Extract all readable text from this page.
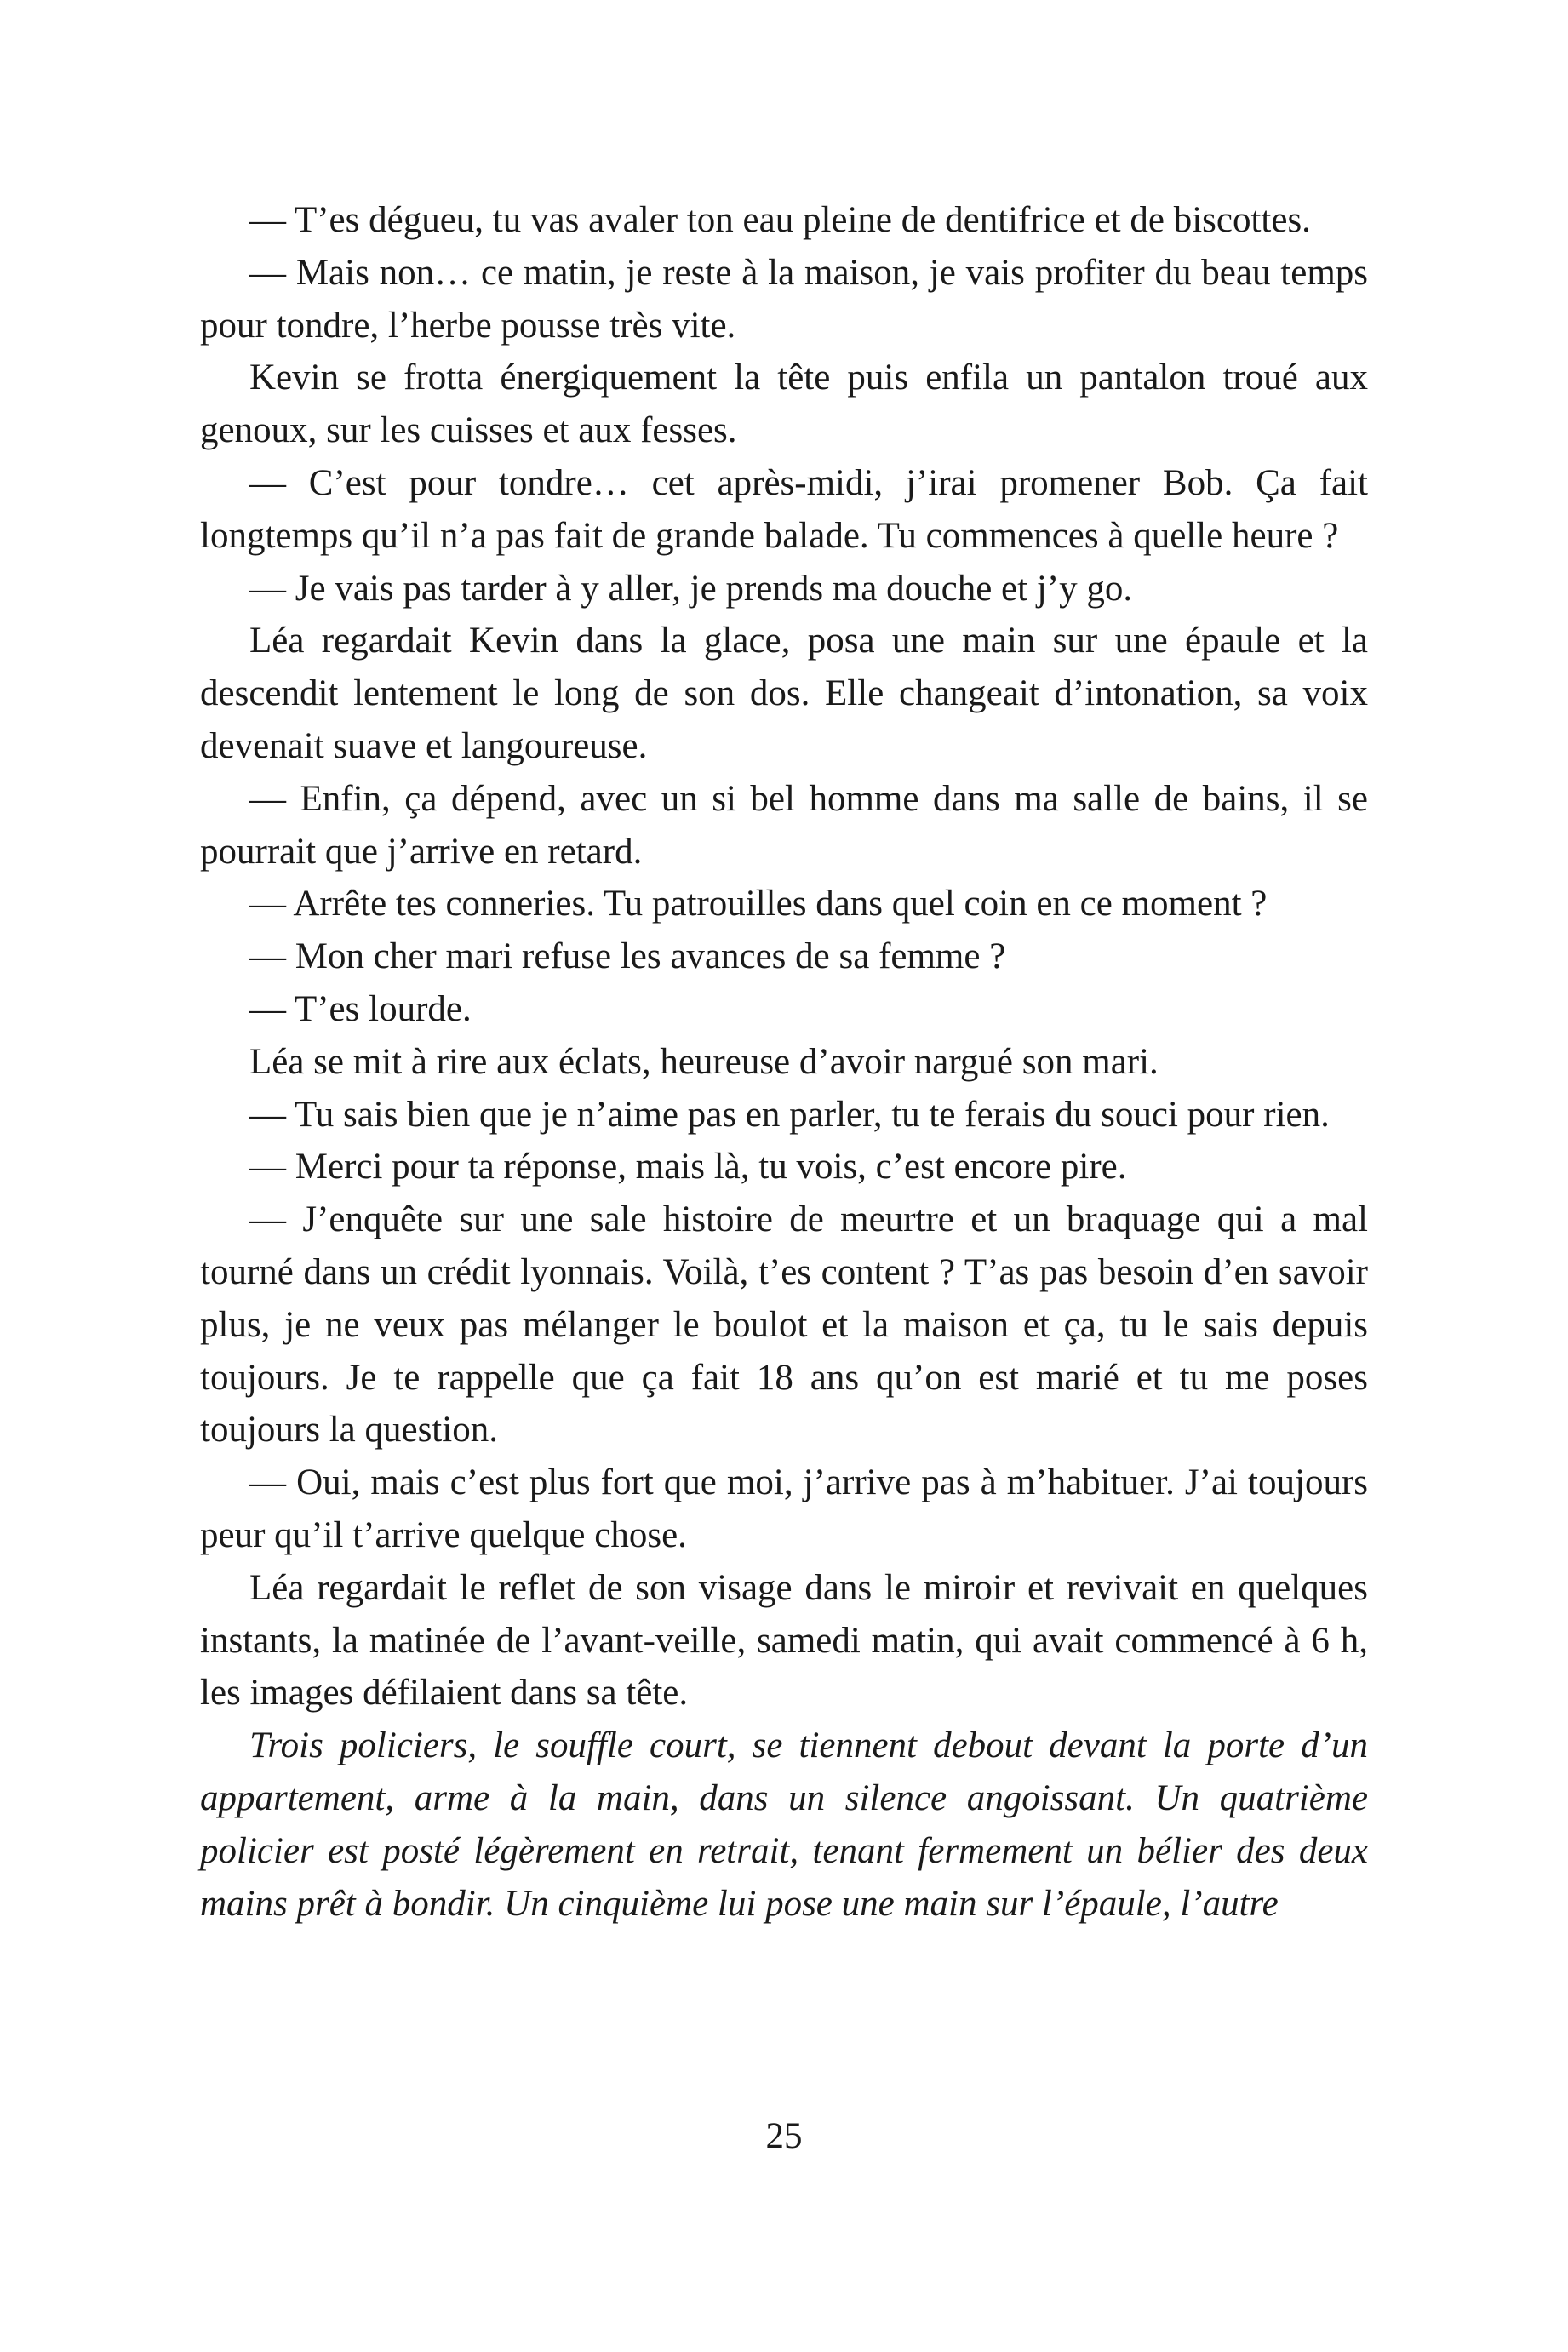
— T’es dégueu, tu vas avaler ton eau pleine de dentifrice et de biscottes.

— Mais non… ce matin, je reste à la maison, je vais profiter du beau temps pour tondre, l’herbe pousse très vite.

Kevin se frotta énergiquement la tête puis enfila un pantalon troué aux genoux, sur les cuisses et aux fesses.

— C’est pour tondre… cet après-midi, j’irai promener Bob. Ça fait longtemps qu’il n’a pas fait de grande balade. Tu commences à quelle heure ?

— Je vais pas tarder à y aller, je prends ma douche et j’y go.

Léa regardait Kevin dans la glace, posa une main sur une épaule et la descendit lentement le long de son dos. Elle changeait d’intonation, sa voix devenait suave et langoureuse.

— Enfin, ça dépend, avec un si bel homme dans ma salle de bains, il se pourrait que j’arrive en retard.

— Arrête tes conneries. Tu patrouilles dans quel coin en ce moment ?

— Mon cher mari refuse les avances de sa femme ?

— T’es lourde.

Léa se mit à rire aux éclats, heureuse d’avoir nargué son mari.

— Tu sais bien que je n’aime pas en parler, tu te ferais du souci pour rien.

— Merci pour ta réponse, mais là, tu vois, c’est encore pire.

— J’enquête sur une sale histoire de meurtre et un braquage qui a mal tourné dans un crédit lyonnais. Voilà, t’es content ? T’as pas besoin d’en savoir plus, je ne veux pas mélanger le boulot et la maison et ça, tu le sais depuis toujours. Je te rappelle que ça fait 18 ans qu’on est marié et tu me poses toujours la question.

— Oui, mais c’est plus fort que moi, j’arrive pas à m’habituer. J’ai toujours peur qu’il t’arrive quelque chose.

Léa regardait le reflet de son visage dans le miroir et revivait en quelques instants, la matinée de l’avant-veille, samedi matin, qui avait commencé à 6 h, les images défilaient dans sa tête.

Trois policiers, le souffle court, se tiennent debout devant la porte d’un appartement, arme à la main, dans un silence angoissant. Un quatrième policier est posté légèrement en retrait, tenant fermement un bélier des deux mains prêt à bondir. Un cinquième lui pose une main sur l’épaule, l’autre

25
